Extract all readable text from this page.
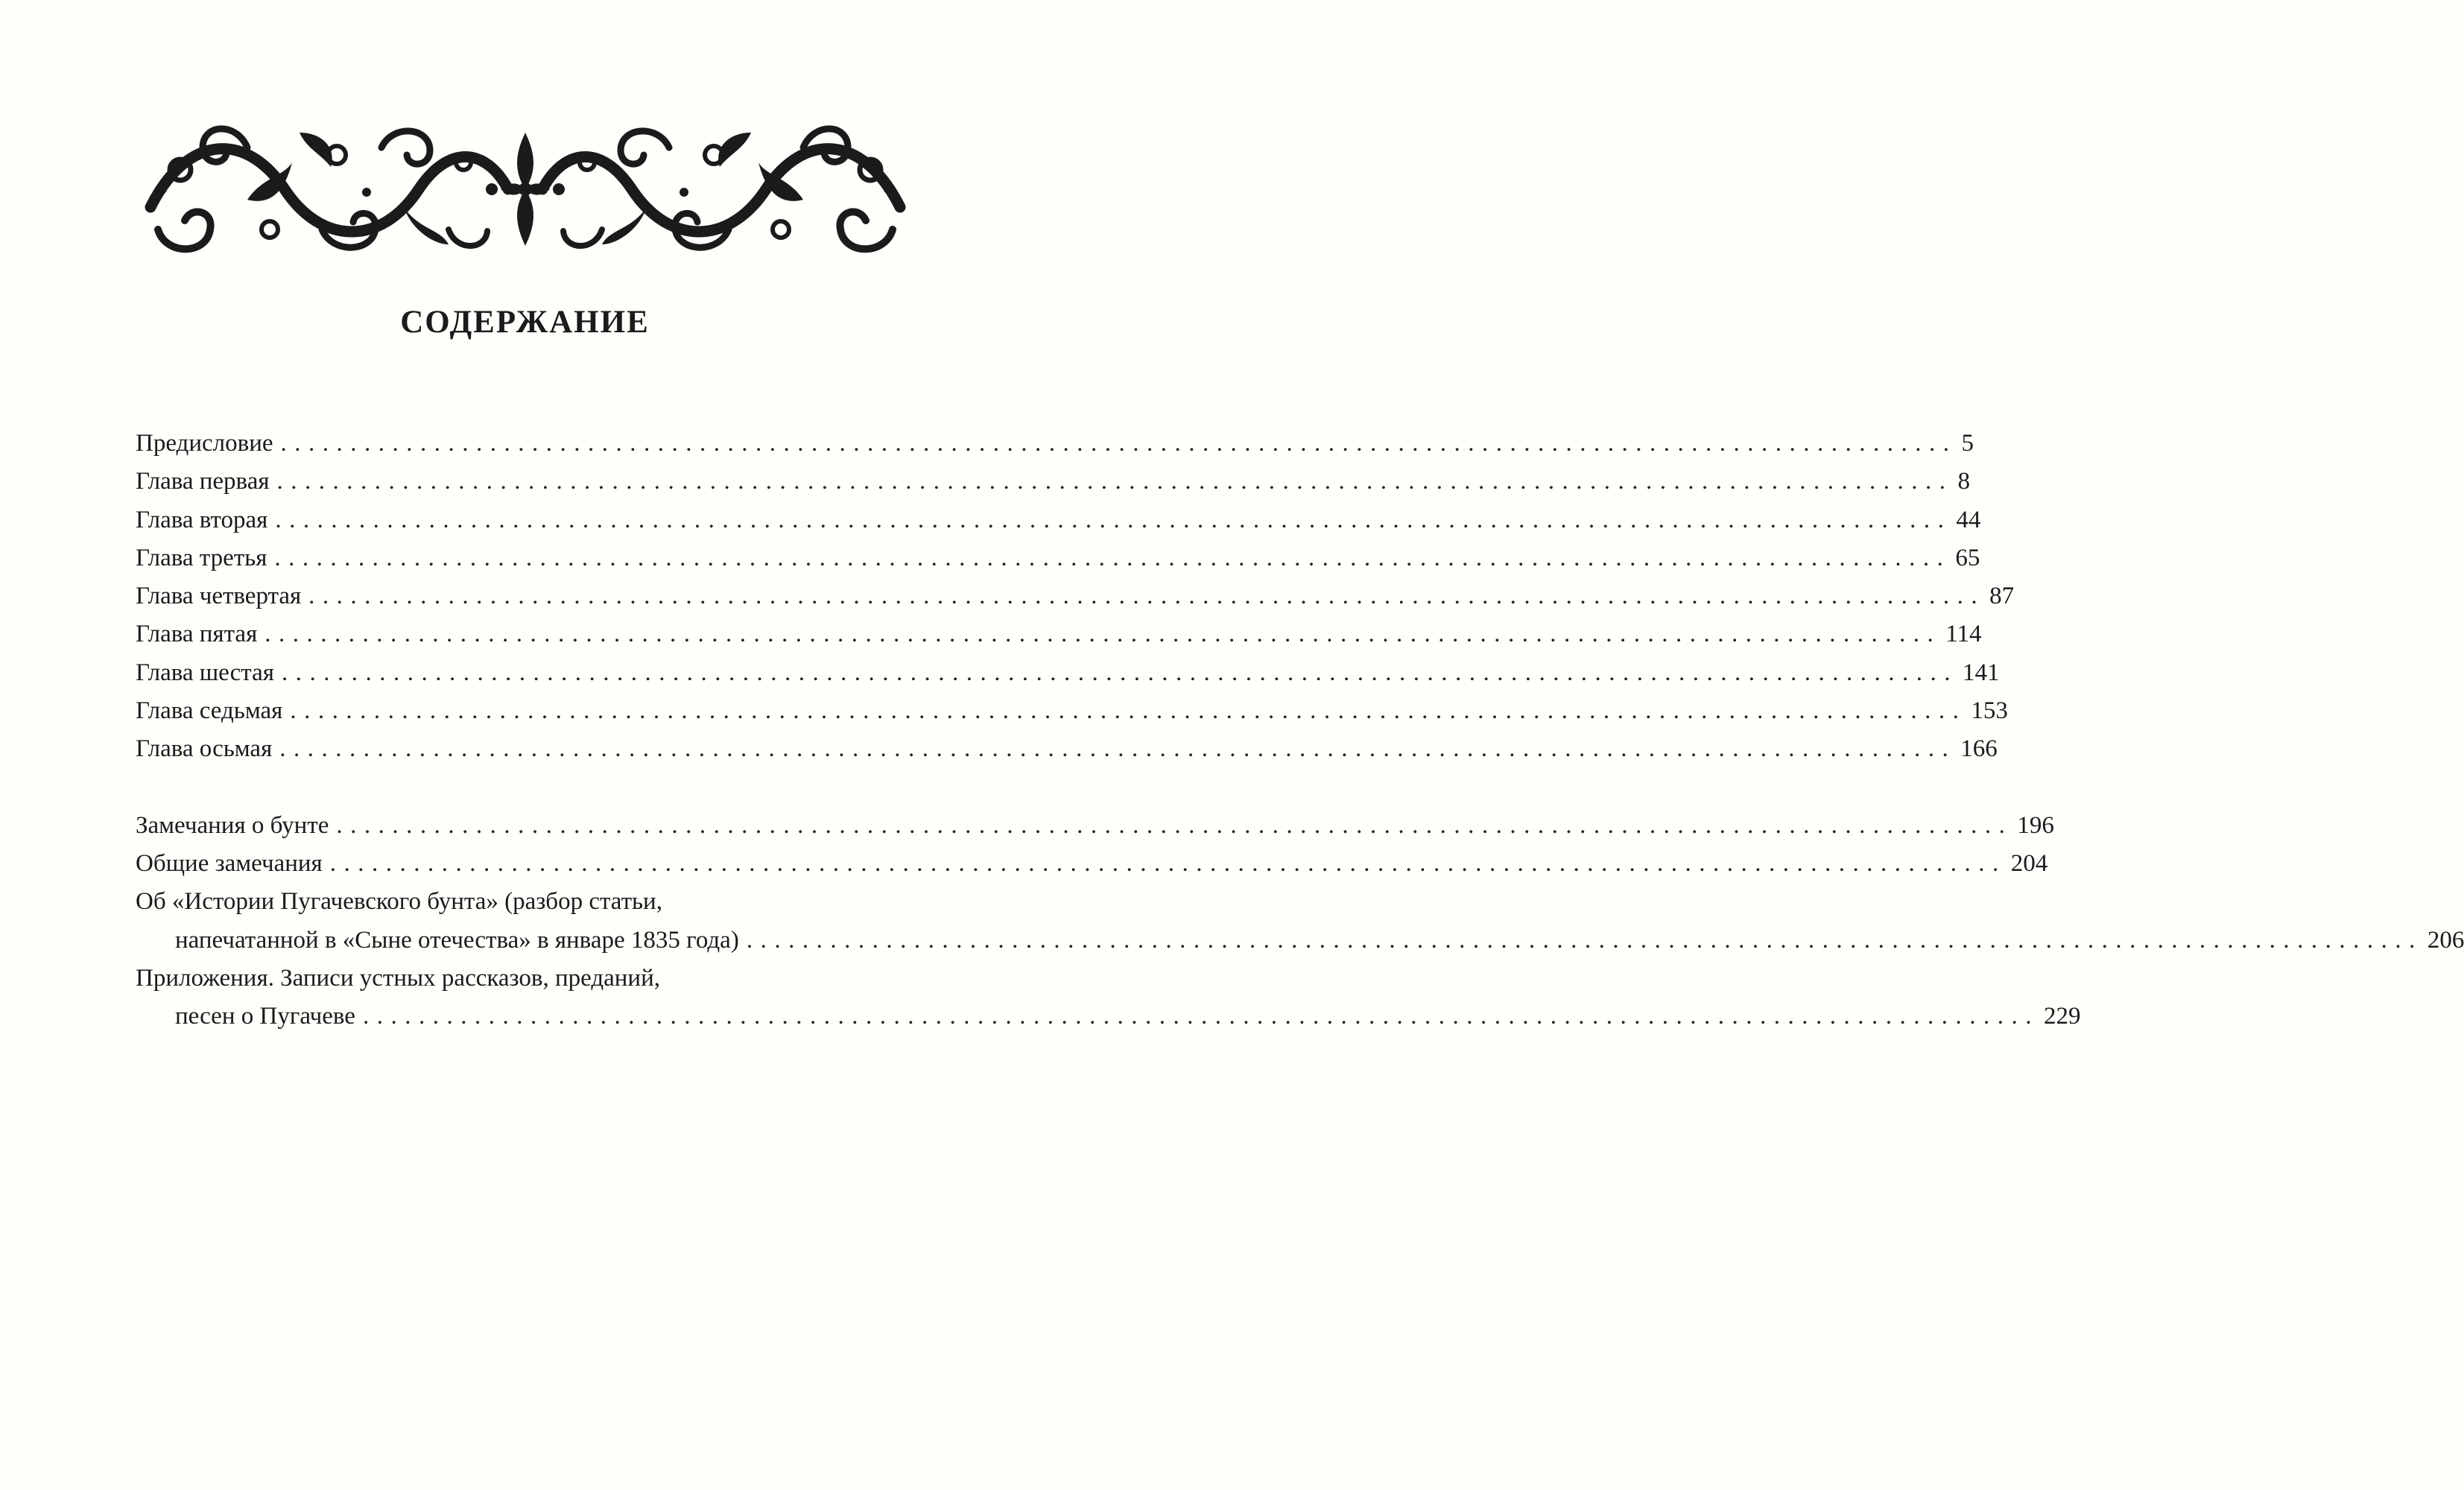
СОДЕРЖАНИЕ
Предисловие ........................................................................................................................ 5
Глава первая ........................................................................................................................ 8
Глава вторая ........................................................................................................................ 44
Глава третья ........................................................................................................................ 65
Глава четвертая ........................................................................................................................ 87
Глава пятая ........................................................................................................................ 114
Глава шестая ........................................................................................................................ 141
Глава седьмая ........................................................................................................................ 153
Глава осьмая ........................................................................................................................ 166
Замечания о бунте ........................................................................................................................ 196
Общие замечания ........................................................................................................................ 204
Об «Истории Пугачевского бунта» (разбор статьи,
напечатанной в «Сыне отечества» в январе 1835 года) ........................................................................................................................ 206
Приложения. Записи устных рассказов, преданий,
песен о Пугачеве ........................................................................................................................ 229
